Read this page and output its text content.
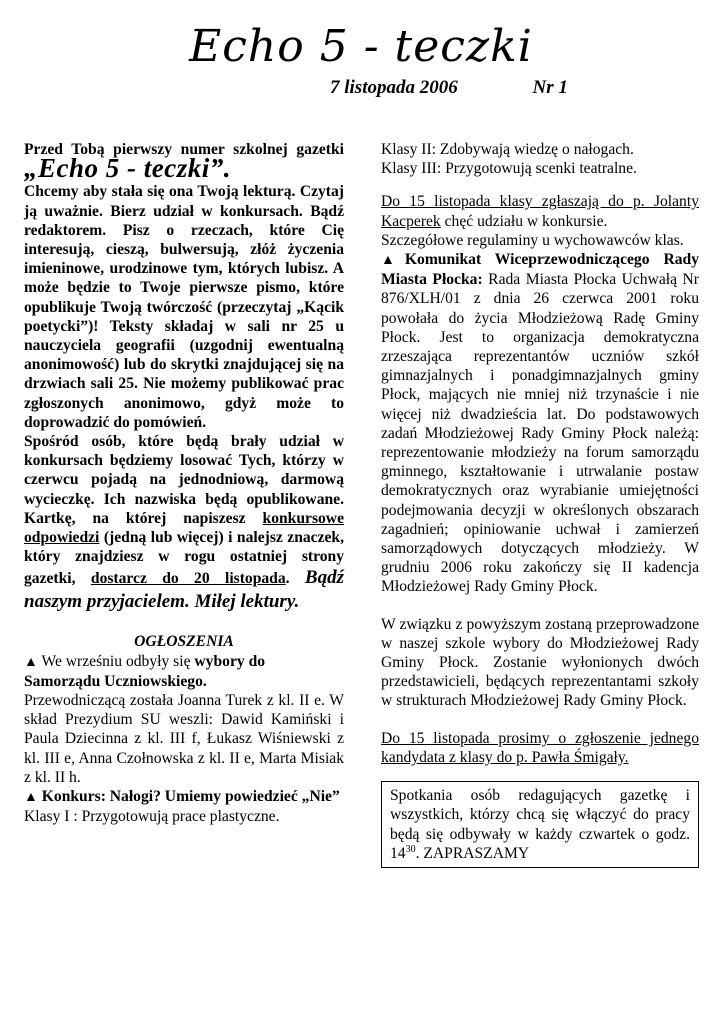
Echo 5 - teczki
7 listopada 2006	Nr 1

Przed Tobą pierwszy numer szkolnej gazetki „Echo 5 - teczki”.

Chcemy aby stała się ona Twoją lekturą. Czytaj ją uważnie. Bierz udział w konkursach. Bądź redaktorem. Pisz o rzeczach, które Cię interesują, cieszą, bulwersują, złóż życzenia imieninowe, urodzinowe tym, których lubisz. A może będzie to Twoje pierwsze pismo, które opublikuje Twoją twórczość (przeczytaj „Kącik poetycki”)! Teksty składaj w sali nr 25 u nauczyciela geografii (uzgodnij ewentualną anonimowość) lub do skrytki znajdującej się na drzwiach sali 25. Nie możemy publikować prac zgłoszonych anonimowo, gdyż może to doprowadzić do pomówień.

Spośród osób, które będą brały udział w konkursach będziemy losować Tych, którzy w czerwcu pojadą na jednodniową, darmową wycieczkę. Ich nazwiska będą opublikowane. Kartkę, na której napiszesz konkursowe odpowiedzi (jedną lub więcej) i nalejsz znaczek, który znajdziesz w rogu ostatniej strony gazetki, dostarcz do 20 listopada. Bądź naszym przyjacielem. Miłej lektury.

OGŁOSZENIA

▲ We wrześniu odbyły się wybory do Samorządu Uczniowskiego.

Przewodniczącą została Joanna Turek z kl. II e. W skład Prezydium SU weszli: Dawid Kamiński i Paula Dziecinna z kl. III f, Łukasz Wiśniewski z kl. III e, Anna Czołnowska z kl. II e, Marta Misiak z kl. II h.

▲ Konkurs: Nałogi? Umiemy powiedzieć „Nie”

Klasy I : Przygotowują prace plastyczne.

Klasy II: Zdobywają wiedzę o nałogach.

Klasy III: Przygotowują scenki teatralne.

Do 15 listopada klasy zgłaszają do p. Jolanty Kacperek chęć udziału w konkursie.

Szczegółowe regulaminy u wychowawców klas.

▲Komunikat Wiceprzewodniczącego Rady Miasta Płocka: Rada Miasta Płocka Uchwałą Nr 876/XLH/01 z dnia 26 czerwca 2001 roku powołała do życia Młodzieżową Radę Gminy Płock. Jest to organizacja demokratyczna zrzeszająca reprezentantów uczniów szkół gimnazjalnych i ponadgimnazjalnych gminy Płock, mających nie mniej niż trzynaście i nie więcej niż dwadzieścia lat. Do podstawowych zadań Młodzieżowej Rady Gminy Płock należą: reprezentowanie młodzieży na forum samorządu gminnego, kształtowanie i utrwalanie postaw demokratycznych oraz wyrabianie umiejętności podejmowania decyzji w określonych obszarach zagadnień; opiniowanie uchwał i zamierzeń samorządowych dotyczących młodzieży. W grudniu 2006 roku zakończy się II kadencja Młodzieżowej Rady Gminy Płock.

W związku z powyższym zostaną przeprowadzone w naszej szkole wybory do Młodzieżowej Rady Gminy Płock. Zostanie wyłonionych dwóch przedstawicieli, będących reprezentantami szkoły w strukturach Młodzieżowej Rady Gminy Płock.

Do 15 listopada prosimy o zgłoszenie jednego kandydata z klasy do p. Pawła Śmigały.

Spotkania osób redagujących gazetkę i wszystkich, którzy chcą się włączyć do pracy będą się odbywały w każdy czwartek o godz. $14^{30}$. ZAPRASZAMY
